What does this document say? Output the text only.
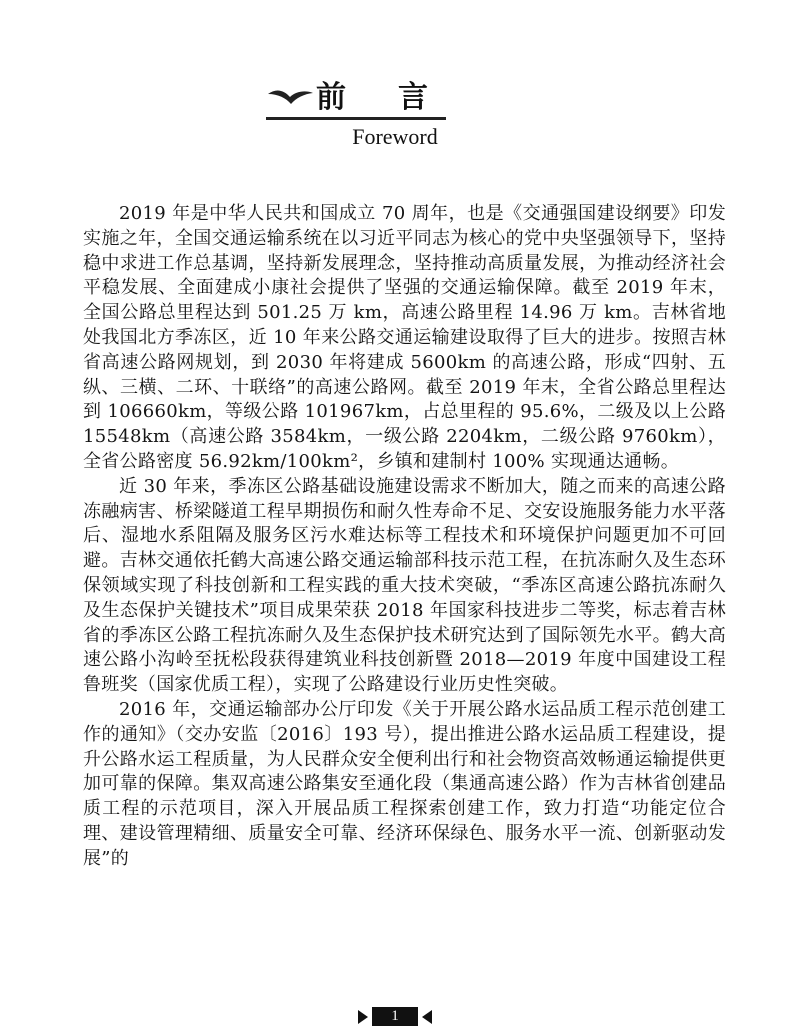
前言
Foreword

2019 年是中华人民共和国成立 70 周年，也是《交通强国建设纲要》印发实施之年，全国交通运输系统在以习近平同志为核心的党中央坚强领导下，坚持稳中求进工作总基调，坚持新发展理念，坚持推动高质量发展，为推动经济社会平稳发展、全面建成小康社会提供了坚强的交通运输保障。截至 2019 年末，全国公路总里程达到 501.25 万 km，高速公路里程 14.96 万 km。吉林省地处我国北方季冻区，近 10 年来公路交通运输建设取得了巨大的进步。按照吉林省高速公路网规划，到 2030 年将建成 5600km 的高速公路，形成“四射、五纵、三横、二环、十联络”的高速公路网。截至 2019 年末，全省公路总里程达到 106660km，等级公路 101967km，占总里程的 95.6%，二级及以上公路 15548km（高速公路 3584km，一级公路 2204km，二级公路 9760km），全省公路密度 56.92km/100km²，乡镇和建制村 100% 实现通达通畅。

近 30 年来，季冻区公路基础设施建设需求不断加大，随之而来的高速公路冻融病害、桥梁隧道工程早期损伤和耐久性寿命不足、交安设施服务能力水平落后、湿地水系阻隔及服务区污水难达标等工程技术和环境保护问题更加不可回避。吉林交通依托鹤大高速公路交通运输部科技示范工程，在抗冻耐久及生态环保领域实现了科技创新和工程实践的重大技术突破，“季冻区高速公路抗冻耐久及生态保护关键技术”项目成果荣获 2018 年国家科技进步二等奖，标志着吉林省的季冻区公路工程抗冻耐久及生态保护技术研究达到了国际领先水平。鹤大高速公路小沟岭至抚松段获得建筑业科技创新暨 2018—2019 年度中国建设工程鲁班奖（国家优质工程），实现了公路建设行业历史性突破。

2016 年，交通运输部办公厅印发《关于开展公路水运品质工程示范创建工作的通知》（交办安监〔2016〕193 号），提出推进公路水运品质工程建设，提升公路水运工程质量，为人民群众安全便利出行和社会物资高效畅通运输提供更加可靠的保障。集双高速公路集安至通化段（集通高速公路）作为吉林省创建品质工程的示范项目，深入开展品质工程探索创建工作，致力打造“功能定位合理、建设管理精细、质量安全可靠、经济环保绿色、服务水平一流、创新驱动发展”的

1
